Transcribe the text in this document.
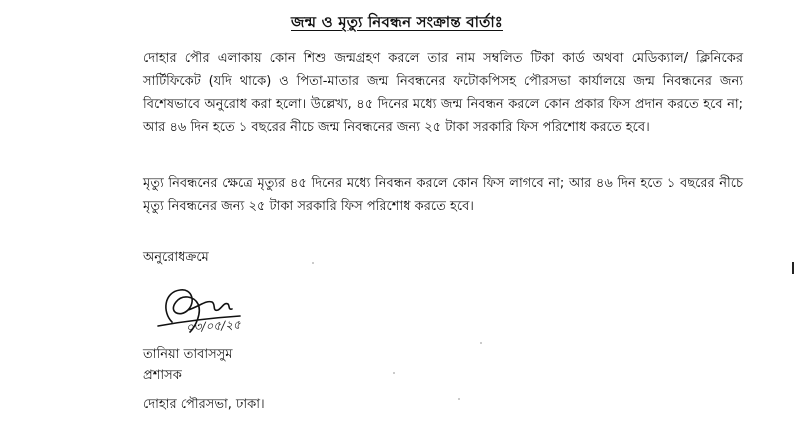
জন্ম ও মৃত্যু নিবন্ধন সংক্রান্ত বার্তাঃ

দোহার পৌর এলাকায় কোন শিশু জন্মগ্রহণ করলে তার নাম সম্বলিত টিকা কার্ড অথবা মেডিক্যাল/ ক্লিনিকের সার্টিফিকেট (যদি থাকে) ও পিতা-মাতার জন্ম নিবন্ধনের ফটোকপিসহ পৌরসভা কার্যালয়ে জন্ম নিবন্ধনের জন্য বিশেষভাবে অনুরোধ করা হলো। উল্লেখ্য, ৪৫ দিনের মধ্যে জন্ম নিবন্ধন করলে কোন প্রকার ফিস প্রদান করতে হবে না; আর ৪৬ দিন হতে ১ বছরের নীচে জন্ম নিবন্ধনের জন্য ২৫ টাকা সরকারি ফিস পরিশোধ করতে হবে।

মৃত্যু নিবন্ধনের ক্ষেত্রে মৃত্যুর ৪৫ দিনের মধ্যে নিবন্ধন করলে কোন ফিস লাগবে না; আর ৪৬ দিন হতে ১ বছরের নীচে মৃত্যু নিবন্ধনের জন্য ২৫ টাকা সরকারি ফিস পরিশোধ করতে হবে।

অনুরোধক্রমে
০৩/০৫/২৫
তানিয়া তাবাসসুম
প্রশাসক
দোহার পৌরসভা, ঢাকা।
